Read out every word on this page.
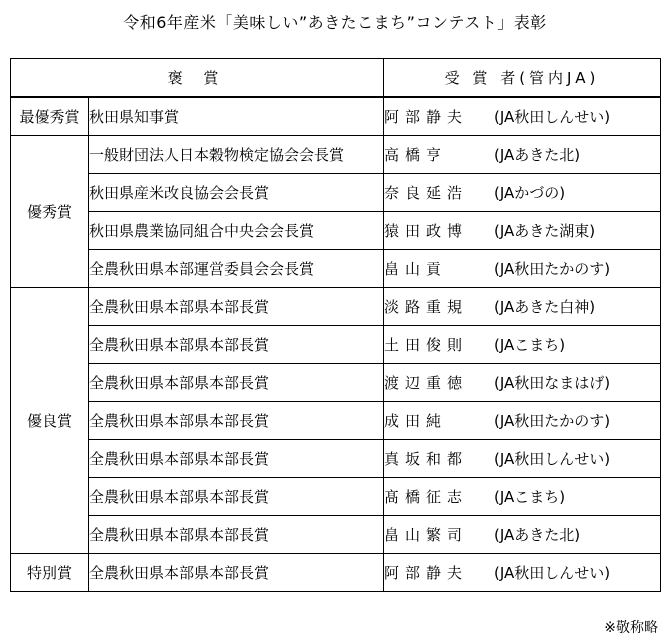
令和6年産米「美味しい”あきたこまち”コンテスト」表彰
褒 賞		受 賞 者(管内JA)
最優秀賞	秋田県知事賞	阿部静夫 (JA秋田しんせい)
優秀賞	一般財団法人日本穀物検定協会会長賞	高橋亨 (JAあきた北)
	秋田県産米改良協会会長賞	奈良延浩 (JAかづの)
	秋田県農業協同組合中央会会長賞	猿田政博 (JAあきた湖東)
	全農秋田県本部運営委員会会長賞	畠山貢 (JA秋田たかのす)
優良賞	全農秋田県本部県本部長賞	淡路重規 (JAあきた白神)
	全農秋田県本部県本部長賞	土田俊則 (JAこまち)
	全農秋田県本部県本部長賞	渡辺重徳 (JA秋田なまはげ)
	全農秋田県本部県本部長賞	成田純 (JA秋田たかのす)
	全農秋田県本部県本部長賞	真坂和都 (JA秋田しんせい)
	全農秋田県本部県本部長賞	髙橋征志 (JAこまち)
	全農秋田県本部県本部長賞	畠山繁司 (JAあきた北)
特別賞	全農秋田県本部県本部長賞	阿部静夫 (JA秋田しんせい)
※敬称略
